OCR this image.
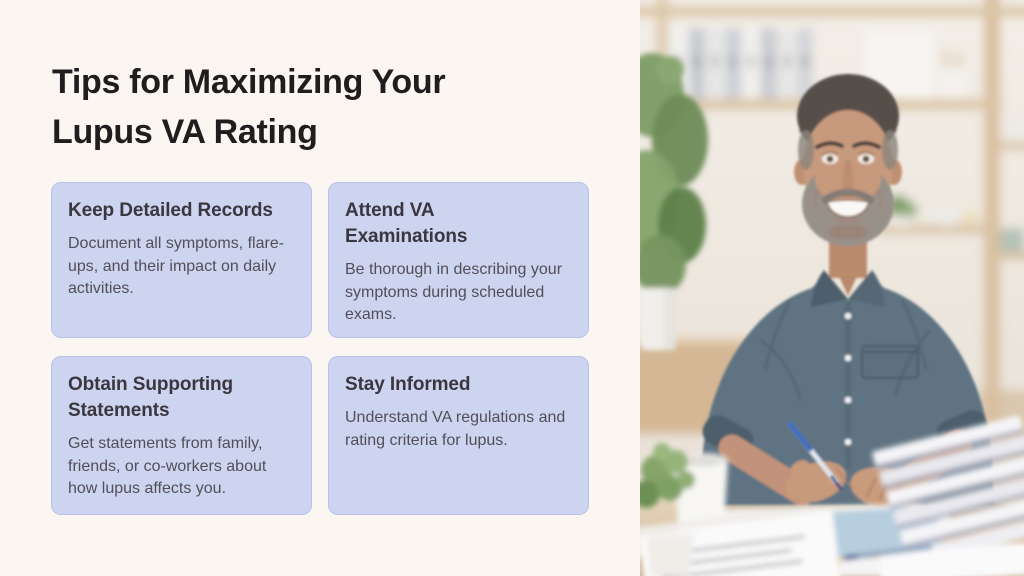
Tips for Maximizing Your
Lupus VA Rating
Keep Detailed Records

Document all symptoms, flare-ups, and their impact on daily activities.

Attend VA Examinations

Be thorough in describing your symptoms during scheduled exams.

Obtain Supporting Statements

Get statements from family, friends, or co-workers about how lupus affects you.

Stay Informed

Understand VA regulations and rating criteria for lupus.
